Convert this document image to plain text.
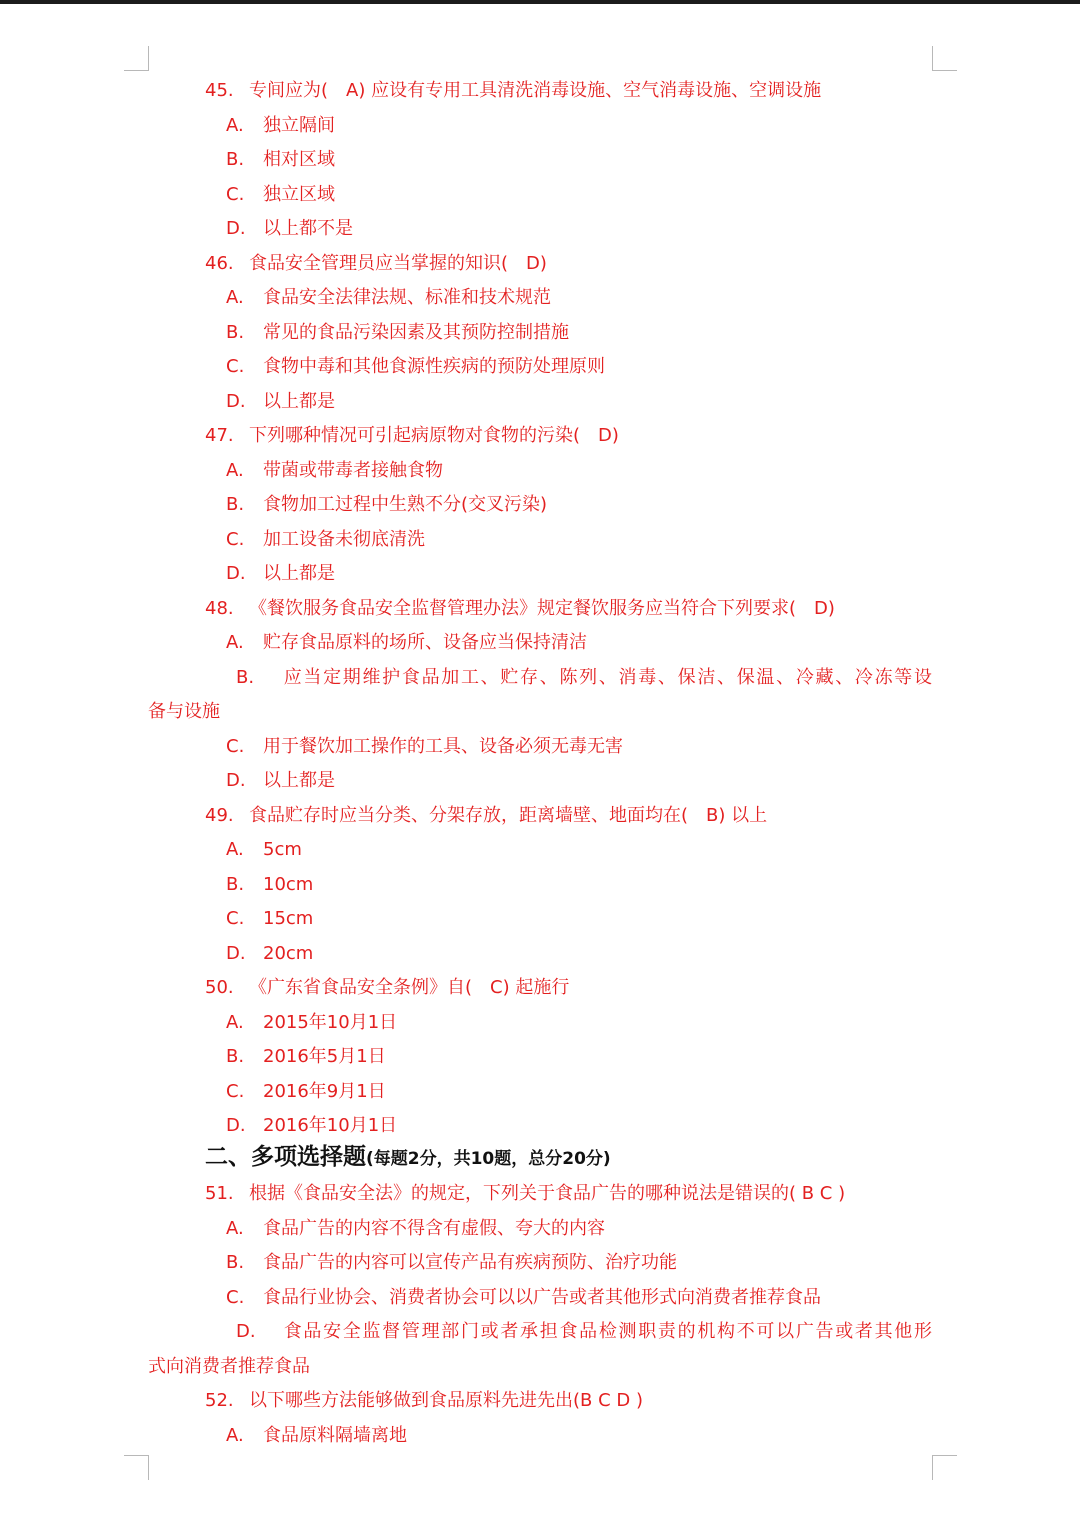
二、多项选择题(每题2分，共10题，总分20分)
45. 专间应为(　A) 应设有专用工具清洗消毒设施、空气消毒设施、空调设施
A. 独立隔间
B. 相对区域
C. 独立区域
D. 以上都不是
46. 食品安全管理员应当掌握的知识(　D)
A. 食品安全法律法规、标准和技术规范
B. 常见的食品污染因素及其预防控制措施
C. 食物中毒和其他食源性疾病的预防处理原则
D. 以上都是
47. 下列哪种情况可引起病原物对食物的污染(　D)
A. 带菌或带毒者接触食物
B. 食物加工过程中生熟不分(交叉污染)
C. 加工设备未彻底清洗
D. 以上都是
48. 《餐饮服务食品安全监督管理办法》规定餐饮服务应当符合下列要求(　D)
A. 贮存食品原料的场所、设备应当保持清洁
B. 应当定期维护食品加工、贮存、陈列、消毒、保洁、保温、冷藏、冷冻等设
备与设施
C. 用于餐饮加工操作的工具、设备必须无毒无害
D. 以上都是
49. 食品贮存时应当分类、分架存放，距离墙壁、地面均在(　B) 以上
A. 5cm
B. 10cm
C. 15cm
D. 20cm
50. 《广东省食品安全条例》自(　C) 起施行
A. 2015年10月1日
B. 2016年5月1日
C. 2016年9月1日
D. 2016年10月1日
51. 根据《食品安全法》的规定，下列关于食品广告的哪种说法是错误的( B C )
A. 食品广告的内容不得含有虚假、夸大的内容
B. 食品广告的内容可以宣传产品有疾病预防、治疗功能
C. 食品行业协会、消费者协会可以以广告或者其他形式向消费者推荐食品
D. 食品安全监督管理部门或者承担食品检测职责的机构不可以广告或者其他形
式向消费者推荐食品
52. 以下哪些方法能够做到食品原料先进先出(B C D )
A. 食品原料隔墙离地
